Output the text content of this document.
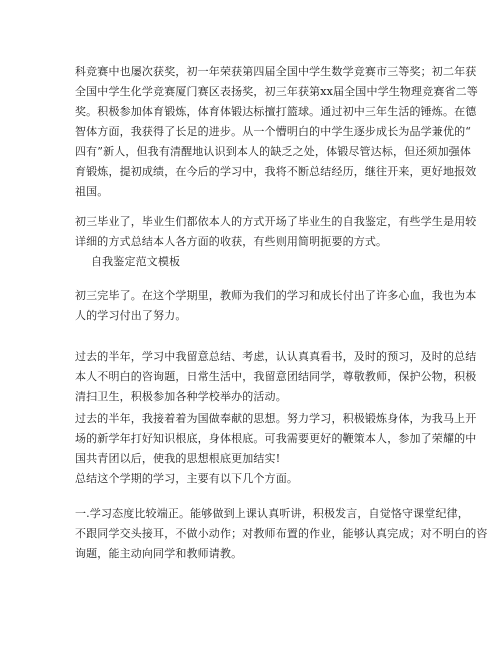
科竞赛中也屡次获奖，初一年荣获第四届全国中学生数学竞赛市三等奖；初二年获
全国中学生化学竞赛厦门赛区表扬奖，初三年获第xx届全国中学生物理竞赛省二等
奖。积极参加体育锻炼，体育体锻达标擅打篮球。通过初中三年生活的锤炼。在德
智体方面，我获得了长足的进步。从一个懵明白的中学生逐步成长为品学兼优的“
四有”新人，但我有清醒地认识到本人的缺乏之处，体锻尽管达标，但还须加强体
育锻炼，提初成绩，在今后的学习中，我将不断总结经历，继往开来，更好地报效
祖国。
初三毕业了，毕业生们都依本人的方式开场了毕业生的自我鉴定，有些学生是用较
详细的方式总结本人各方面的收获，有些则用简明扼要的方式。
自我鉴定范文模板
初三完毕了。在这个学期里，教师为我们的学习和成长付出了许多心血，我也为本
人的学习付出了努力。
过去的半年，学习中我留意总结、考虑，认认真真看书，及时的预习，及时的总结
本人不明白的咨询题，日常生活中，我留意团结同学，尊敬教师，保护公物，积极
清扫卫生，积极参加各种学校举办的活动。
过去的半年，我接着着为国做奉献的思想。努力学习，积极锻炼身体，为我马上开
场的新学年打好知识根底，身体根底。可我需要更好的鞭策本人，参加了荣耀的中
国共青团以后，使我的思想根底更加结实!
总结这个学期的学习，主要有以下几个方面。
一.学习态度比较端正。能够做到上课认真听讲，积极发言，自觉恪守课堂纪律，
不跟同学交头接耳，不做小动作；对教师布置的作业，能够认真完成；对不明白的咨
询题，能主动向同学和教师请教。
